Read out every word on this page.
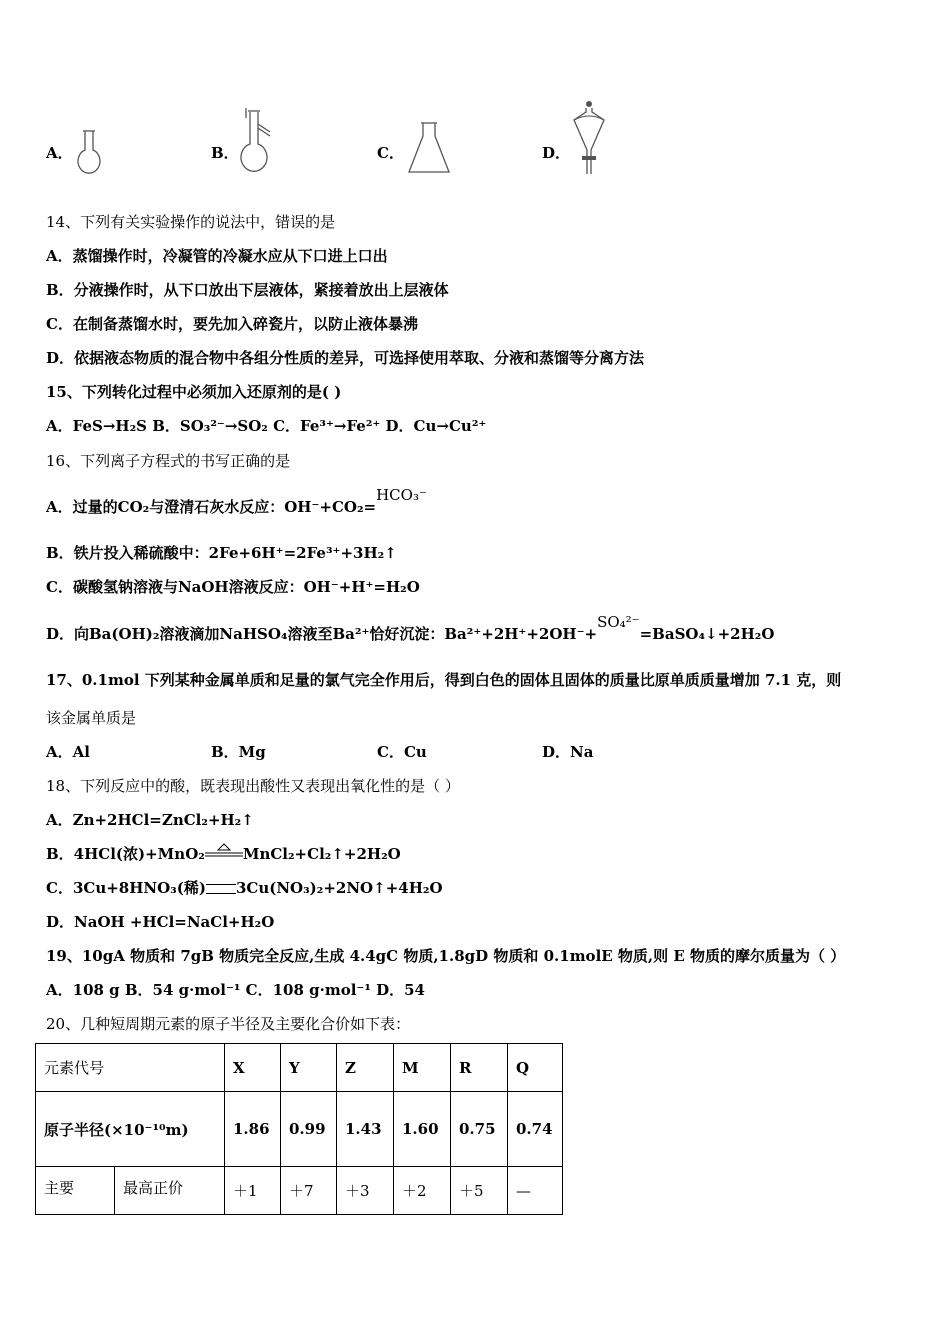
A．	B．	C．	D．
14、下列有关实验操作的说法中，错误的是
A．蒸馏操作时，冷凝管的冷凝水应从下口进上口出
B．分液操作时，从下口放出下层液体，紧接着放出上层液体
C．在制备蒸馏水时，要先加入碎瓷片，以防止液体暴沸
D．依据液态物质的混合物中各组分性质的差异，可选择使用萃取、分液和蒸馏等分离方法
15、下列转化过程中必须加入还原剂的是( )
A．FeS→H₂S B．SO₃²⁻→SO₂ C．Fe³⁺→Fe²⁺ D．Cu→Cu²⁺
16、下列离子方程式的书写正确的是
A．过量的CO₂与澄清石灰水反应：OH⁻+CO₂=HCO₃⁻
B．铁片投入稀硫酸中：2Fe+6H⁺=2Fe³⁺+3H₂↑
C．碳酸氢钠溶液与NaOH溶液反应：OH⁻+H⁺=H₂O
D．向Ba(OH)₂溶液滴加NaHSO₄溶液至Ba²⁺恰好沉淀：Ba²⁺+2H⁺+2OH⁻+SO₄²⁻=BaSO₄↓+2H₂O
17、0.1mol 下列某种金属单质和足量的氯气完全作用后，得到白色的固体且固体的质量比原单质质量增加 7.1 克，则
该金属单质是
A．Al	B．Mg	C．Cu	D．Na
18、下列反应中的酸，既表现出酸性又表现出氧化性的是（ ）
A．Zn+2HCl=ZnCl₂+H₂↑
B．4HCl(浓)+MnO₂	MnCl₂+Cl₂↑+2H₂O
C．3Cu+8HNO₃(稀) 3Cu(NO₃)₂+2NO↑+4H₂O
D．NaOH +HCl=NaCl+H₂O
19、10gA 物质和 7gB 物质完全反应,生成 4.4gC 物质,1.8gD 物质和 0.1molE 物质,则 E 物质的摩尔质量为（ ）
A．108 g B．54 g·mol⁻¹ C．108 g·mol⁻¹ D．54
20、几种短周期元素的原子半径及主要化合价如下表：
元素代号		X	Y	Z	M	R	Q
原子半径(×10⁻¹⁰m)		1.86	0.99	1.43	1.60	0.75	0.74
主要	最高正价	＋1	＋7	＋3	＋2	＋5	—
